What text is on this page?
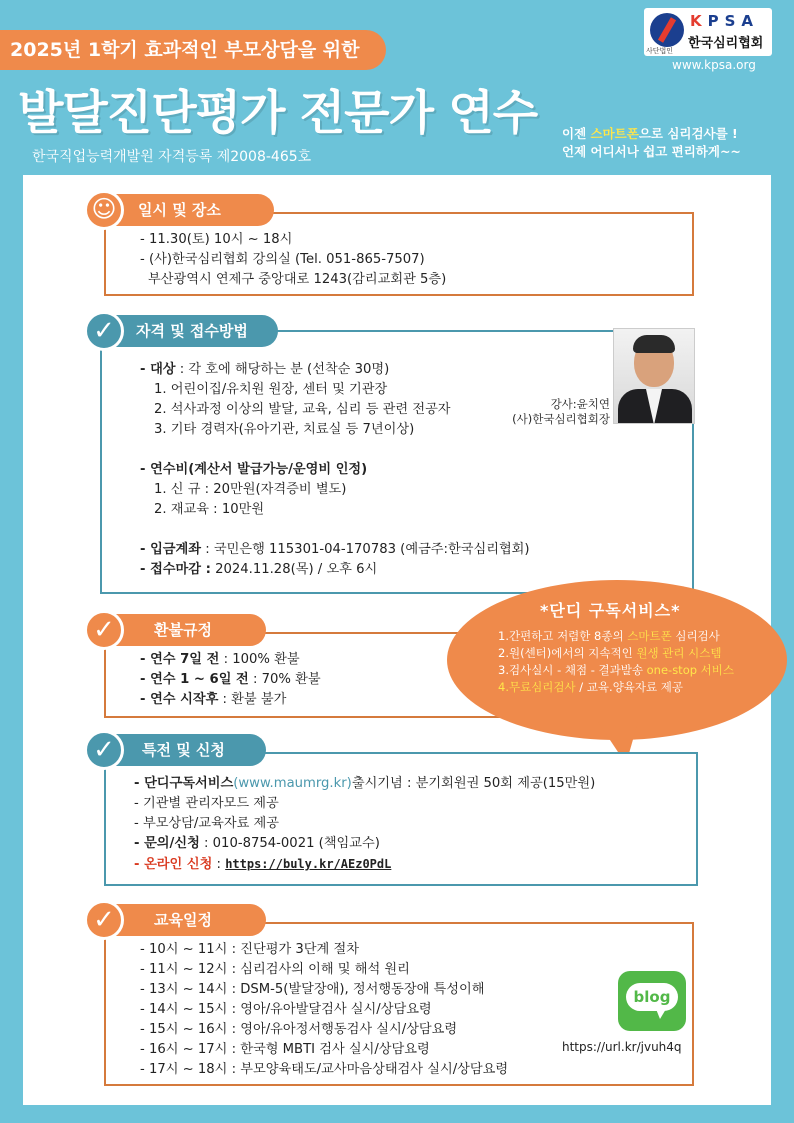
2025년 1학기 효과적인 부모상담을 위한
발달진단평가 전문가 연수
한국직업능력개발원 자격등록 제2008-465호
이젠 스마트폰으로 심리검사를 !
언제 어디서나 쉽고 편리하게~~
사단법인
KPSA
한국심리협회
www.kpsa.org
일시 및 장소
☺
- 11.30(토) 10시 ~ 18시
- (사)한국심리협회 강의실 (Tel. 051-865-7507)
부산광역시 연제구 중앙대로 1243(감리교회관 5층)
자격 및 접수방법
✓
- 대상 : 각 호에 해당하는 분 (선착순 30명)
1. 어린이집/유치원 원장, 센터 및 기관장
2. 석사과정 이상의 발달, 교육, 심리 등 관련 전공자
3. 기타 경력자(유아기관, 치료실 등 7년이상)
- 연수비(계산서 발급가능/운영비 인정)
1. 신 규 : 20만원(자격증비 별도)
2. 재교육 : 10만원
- 입금계좌 : 국민은행 115301-04-170783 (예금주:한국심리협회)
- 접수마감 : 2024.11.28(목) / 오후 6시
강사:윤치연
(사)한국심리협회장
환불규정
✓
- 연수 7일 전 : 100% 환불
- 연수 1 ~ 6일 전 : 70% 환불
- 연수 시작후 : 환불 불가
*단디 구독서비스*
1.간편하고 저렴한 8종의 스마트폰 심리검사
2.원(센터)에서의 지속적인 원생 관리 시스템
3.검사실시 - 채점 - 결과발송 one-stop 서비스
4.무료심리검사 / 교육.양육자료 제공
특전 및 신청
✓
- 단디구독서비스(www.maumrg.kr)출시기념 : 분기회원권 50회 제공(15만원)
- 기관별 관리자모드 제공
- 부모상담/교육자료 제공
- 문의/신청 : 010-8754-0021 (책임교수)
- 온라인 신청 : https://buly.kr/AEz0PdL
교육일정
✓
- 10시 ~ 11시 : 진단평가 3단계 절차
- 11시 ~ 12시 : 심리검사의 이해 및 해석 원리
- 13시 ~ 14시 : DSM-5(발달장애), 정서행동장애 특성이해
- 14시 ~ 15시 : 영아/유아발달검사 실시/상담요령
- 15시 ~ 16시 : 영아/유아정서행동검사 실시/상담요령
- 16시 ~ 17시 : 한국형 MBTI 검사 실시/상담요령
- 17시 ~ 18시 : 부모양육태도/교사마음상태검사 실시/상담요령
blog
https://url.kr/jvuh4q
